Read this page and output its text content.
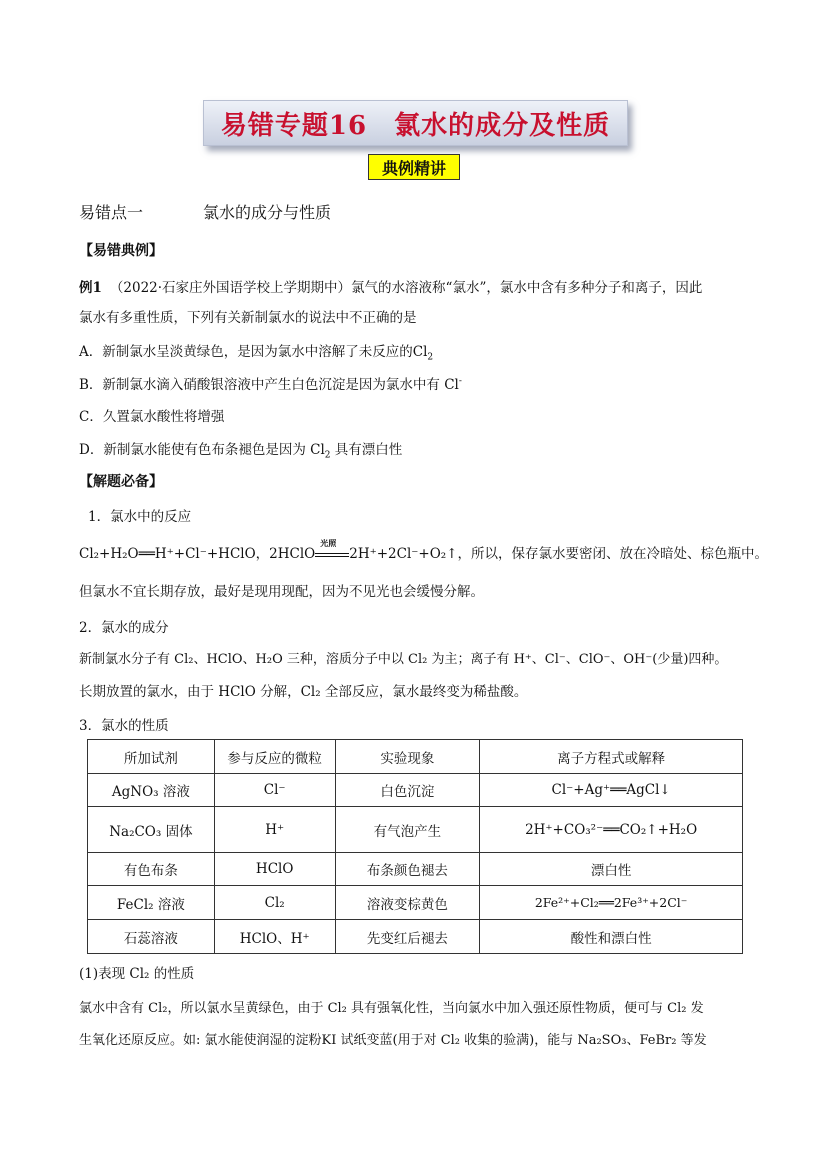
易错专题16　氯水的成分及性质
典例精讲
易错点一	氯水的成分与性质
【易错典例】
例1 （2022·石家庄外国语学校上学期期中）氯气的水溶液称“氯水”，氯水中含有多种分子和离子，因此
氯水有多重性质，下列有关新制氯水的说法中不正确的是
A．新制氯水呈淡黄绿色，是因为氯水中溶解了未反应的$Cl_2$
B．新制氯水滴入硝酸银溶液中产生白色沉淀是因为氯水中有 Cl-
C．久置氯水酸性将增强
D．新制氯水能使有色布条褪色是因为 $Cl_2$ 具有漂白性
【解题必备】
1．氯水中的反应
Cl₂+H₂O══H⁺+Cl⁻+HClO，2HClO
光照
2H⁺+2Cl⁻+O₂↑，所以，保存氯水要密闭、放在冷暗处、棕色瓶中。
但氯水不宜长期存放，最好是现用现配，因为不见光也会缓慢分解。
2．氯水的成分
新制氯水分子有 Cl₂、HClO、H₂O 三种，溶质分子中以 Cl₂ 为主；离子有 H⁺、Cl⁻、ClO⁻、OH⁻(少量)四种。
长期放置的氯水，由于 HClO 分解，Cl₂ 全部反应，氯水最终变为稀盐酸。
3．氯水的性质
所加试剂	参与反应的微粒	实验现象	离子方程式或解释
AgNO₃ 溶液	Cl⁻	白色沉淀	Cl⁻+Ag⁺══AgCl↓
Na₂CO₃ 固体	H⁺	有气泡产生	2H⁺+CO₃²⁻══CO₂↑+H₂O
有色布条	HClO	布条颜色褪去	漂白性
FeCl₂ 溶液	Cl₂	溶液变棕黄色	2Fe²⁺+Cl₂══2Fe³⁺+2Cl⁻
石蕊溶液	HClO、H⁺	先变红后褪去	酸性和漂白性
(1)表现 Cl₂ 的性质
氯水中含有 Cl₂，所以氯水呈黄绿色，由于 Cl₂ 具有强氧化性，当向氯水中加入强还原性物质，便可与 Cl₂ 发
生氧化还原反应。如: 氯水能使润湿的淀粉KI 试纸变蓝(用于对 Cl₂ 收集的验满)，能与 Na₂SO₃、FeBr₂ 等发
